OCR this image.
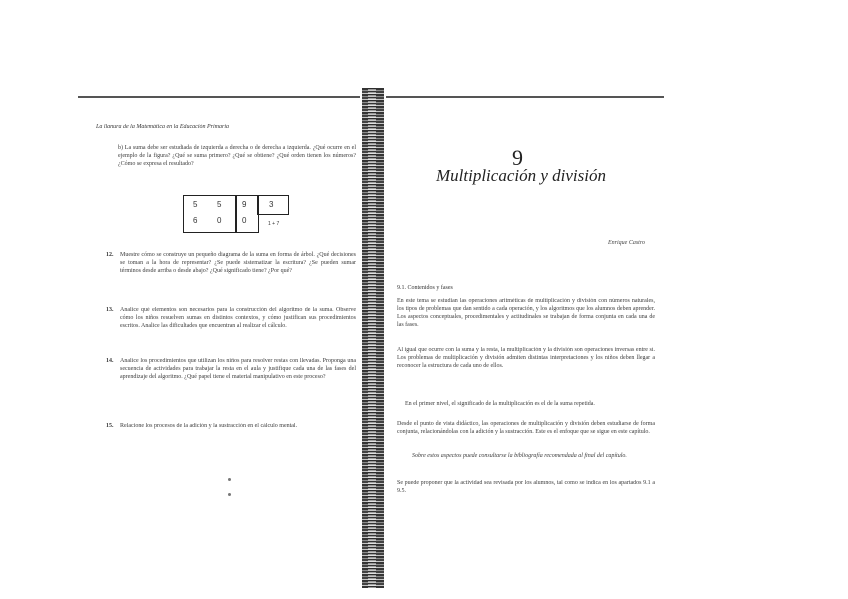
La llanura de la Matemática en la Educación Primaria

b) La suma debe ser estudiada de izquierda a derecha o de derecha a izquierda. ¿Qué ocurre en el ejemplo de la figura? ¿Qué se suma primero? ¿Qué se obtiene? ¿Qué orden tienen los números? ¿Cómo se expresa el resultado?

5 5	9	3
6 0	0	1 + 7
12. Muestre cómo se construye un pequeño diagrama de la suma en forma de árbol. ¿Qué decisiones se toman a la hora de representar? ¿Se puede sistematizar la escritura? ¿Se pueden sumar términos desde arriba o desde abajo? ¿Qué significado tiene? ¿Por qué?
13. Analice qué elementos son necesarios para la construcción del algoritmo de la suma. Observe cómo los niños resuelven sumas en distintos contextos, y cómo justifican sus procedimientos escritos. Analice las dificultades que encuentran al realizar el cálculo.
14. Analice los procedimientos que utilizan los niños para resolver restas con llevadas. Proponga una secuencia de actividades para trabajar la resta en el aula y justifique cada una de las fases del aprendizaje del algoritmo. ¿Qué papel tiene el material manipulativo en este proceso?
15. Relacione los procesos de la adición y la sustracción en el cálculo mental.
9
Multiplicación y división
Enrique Castro
9.1. Contenidos y fases

En este tema se estudian las operaciones aritméticas de multiplicación y división con números naturales, los tipos de problemas que dan sentido a cada operación, y los algoritmos que los alumnos deben aprender. Los aspectos conceptuales, procedimentales y actitudinales se trabajan de forma conjunta en cada una de las fases.

Al igual que ocurre con la suma y la resta, la multiplicación y la división son operaciones inversas entre sí. Los problemas de multiplicación y división admiten distintas interpretaciones y los niños deben llegar a reconocer la estructura de cada uno de ellos.

En el primer nivel, el significado de la multiplicación es el de la suma repetida.

Desde el punto de vista didáctico, las operaciones de multiplicación y división deben estudiarse de forma conjunta, relacionándolas con la adición y la sustracción. Este es el enfoque que se sigue en este capítulo.

Sobre estos aspectos puede consultarse la bibliografía recomendada al final del capítulo.

Se puede proponer que la actividad sea revisada por los alumnos, tal como se indica en los apartados 9.1 a 9.5.
